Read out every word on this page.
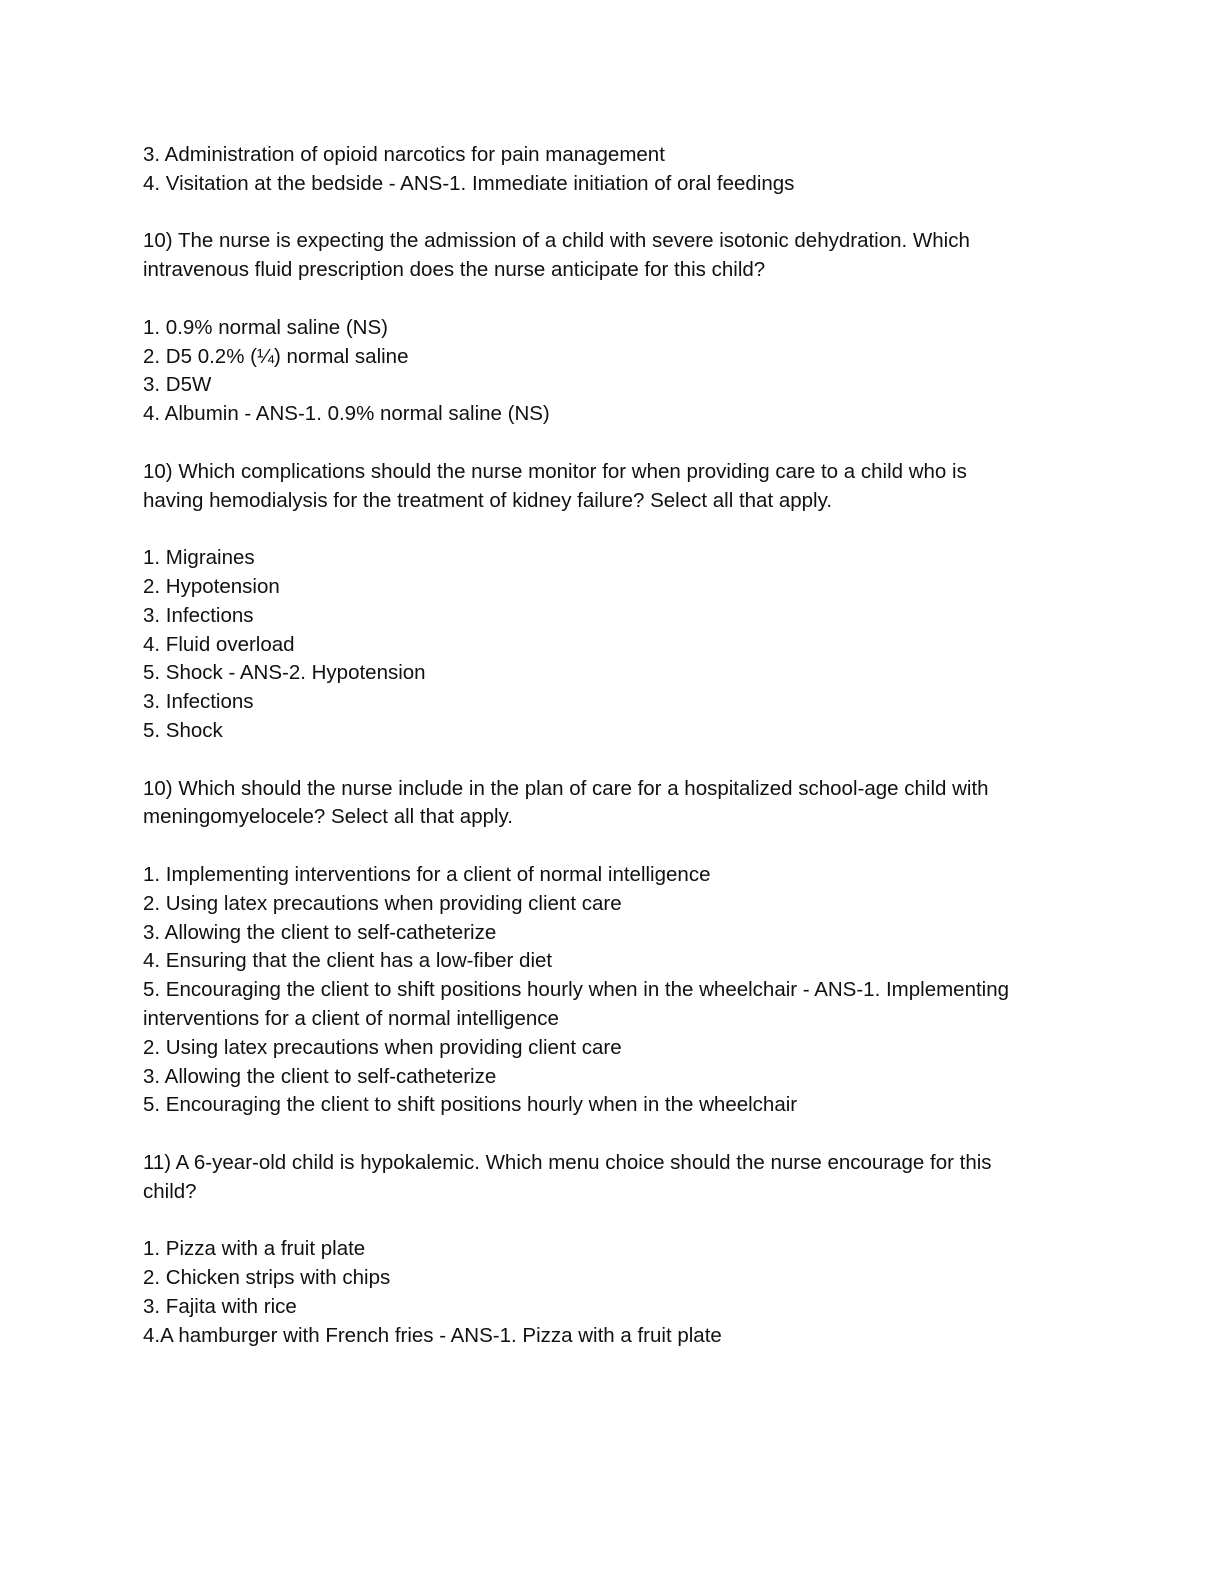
3. Administration of opioid narcotics for pain management

4. Visitation at the bedside - ANS-1. Immediate initiation of oral feedings

10) The nurse is expecting the admission of a child with severe isotonic dehydration. Which

intravenous fluid prescription does the nurse anticipate for this child?

1. 0.9% normal saline (NS)

2. D5 0.2% (¼) normal saline

3. D5W

4. Albumin - ANS-1. 0.9% normal saline (NS)

10) Which complications should the nurse monitor for when providing care to a child who is

having hemodialysis for the treatment of kidney failure? Select all that apply.

1. Migraines

2. Hypotension

3. Infections

4. Fluid overload

5. Shock - ANS-2. Hypotension

3. Infections

5. Shock

10) Which should the nurse include in the plan of care for a hospitalized school-age child with

meningomyelocele? Select all that apply.

1. Implementing interventions for a client of normal intelligence

2. Using latex precautions when providing client care

3. Allowing the client to self-catheterize

4. Ensuring that the client has a low-fiber diet

5. Encouraging the client to shift positions hourly when in the wheelchair - ANS-1. Implementing

interventions for a client of normal intelligence

2. Using latex precautions when providing client care

3. Allowing the client to self-catheterize

5. Encouraging the client to shift positions hourly when in the wheelchair

11) A 6-year-old child is hypokalemic. Which menu choice should the nurse encourage for this

child?

1. Pizza with a fruit plate

2. Chicken strips with chips

3. Fajita with rice

4.A hamburger with French fries - ANS-1. Pizza with a fruit plate
